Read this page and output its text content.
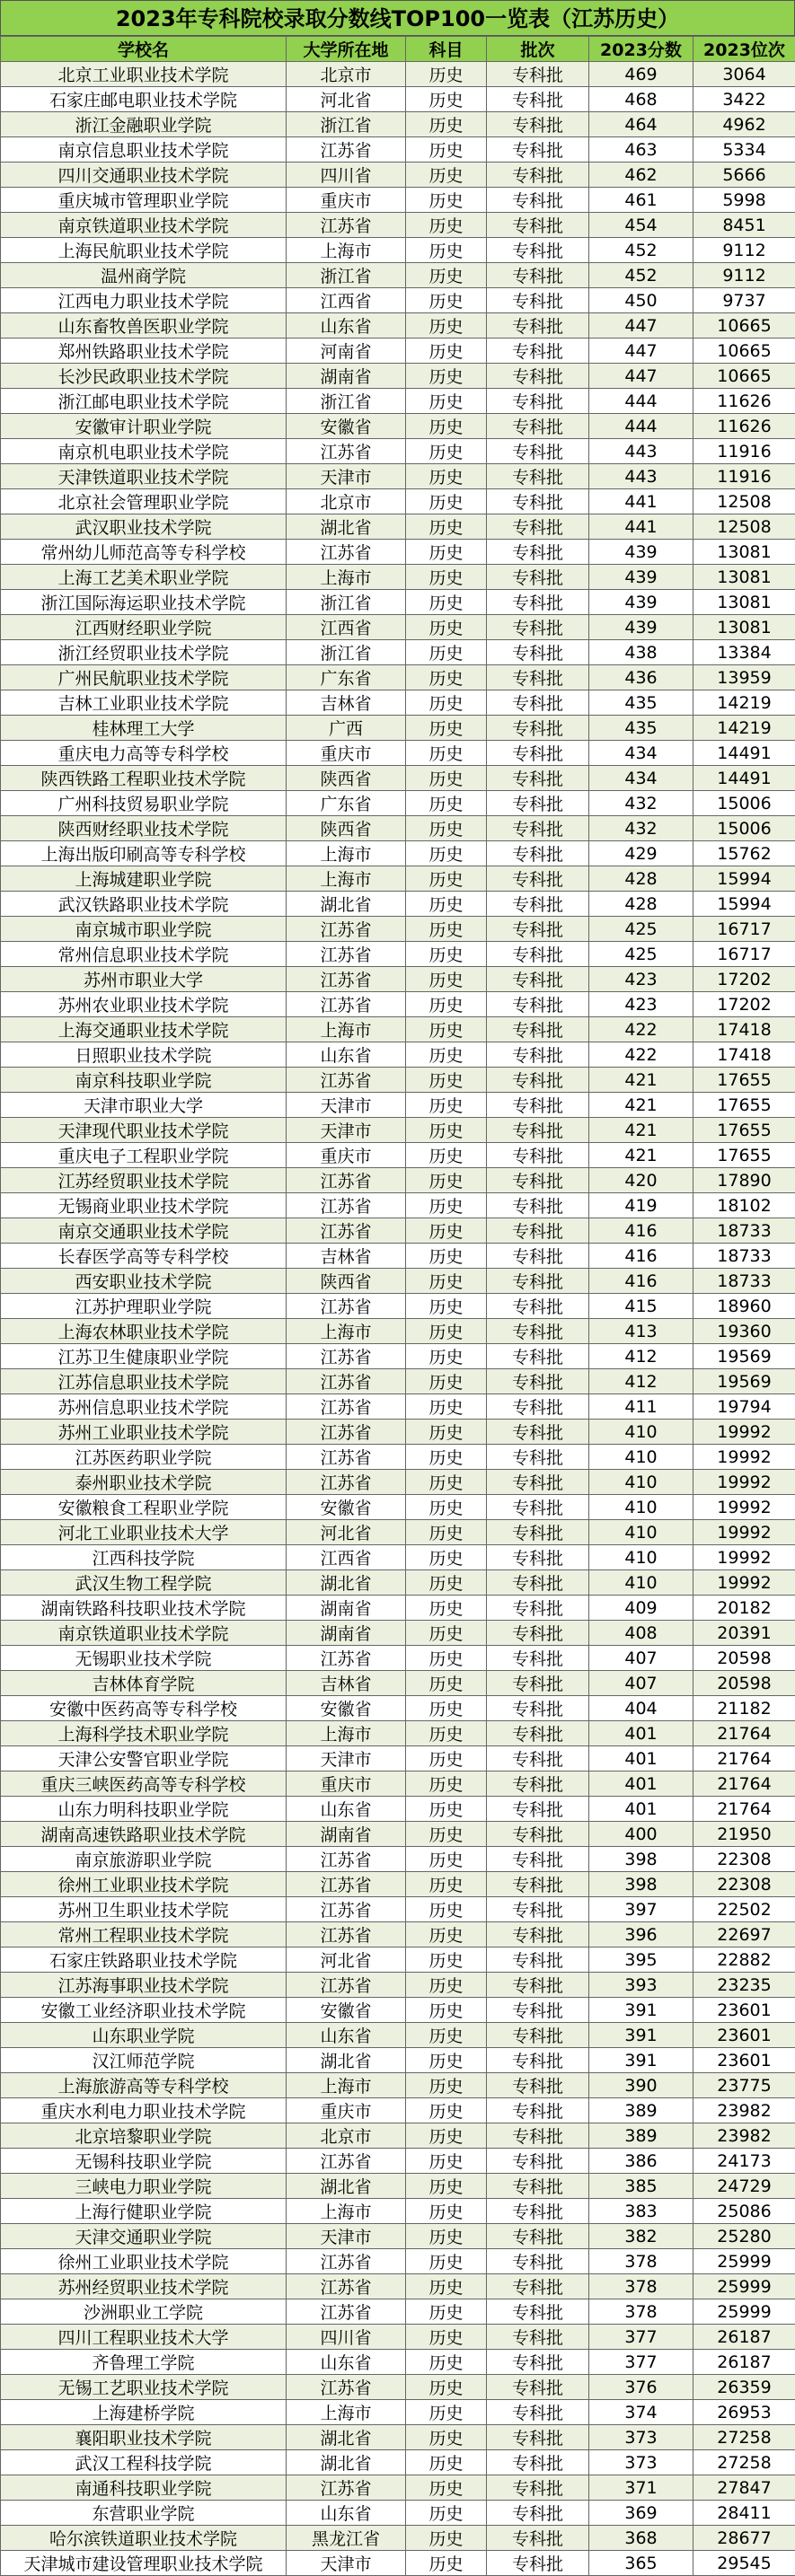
2023年专科院校录取分数线TOP100一览表（江苏历史）
学校名	大学所在地	科目	批次	2023分数	2023位次
北京工业职业技术学院	北京市	历史	专科批	469	3064
石家庄邮电职业技术学院	河北省	历史	专科批	468	3422
浙江金融职业学院	浙江省	历史	专科批	464	4962
南京信息职业技术学院	江苏省	历史	专科批	463	5334
四川交通职业技术学院	四川省	历史	专科批	462	5666
重庆城市管理职业学院	重庆市	历史	专科批	461	5998
南京铁道职业技术学院	江苏省	历史	专科批	454	8451
上海民航职业技术学院	上海市	历史	专科批	452	9112
温州商学院	浙江省	历史	专科批	452	9112
江西电力职业技术学院	江西省	历史	专科批	450	9737
山东畜牧兽医职业学院	山东省	历史	专科批	447	10665
郑州铁路职业技术学院	河南省	历史	专科批	447	10665
长沙民政职业技术学院	湖南省	历史	专科批	447	10665
浙江邮电职业技术学院	浙江省	历史	专科批	444	11626
安徽审计职业学院	安徽省	历史	专科批	444	11626
南京机电职业技术学院	江苏省	历史	专科批	443	11916
天津铁道职业技术学院	天津市	历史	专科批	443	11916
北京社会管理职业学院	北京市	历史	专科批	441	12508
武汉职业技术学院	湖北省	历史	专科批	441	12508
常州幼儿师范高等专科学校	江苏省	历史	专科批	439	13081
上海工艺美术职业学院	上海市	历史	专科批	439	13081
浙江国际海运职业技术学院	浙江省	历史	专科批	439	13081
江西财经职业学院	江西省	历史	专科批	439	13081
浙江经贸职业技术学院	浙江省	历史	专科批	438	13384
广州民航职业技术学院	广东省	历史	专科批	436	13959
吉林工业职业技术学院	吉林省	历史	专科批	435	14219
桂林理工大学	广西	历史	专科批	435	14219
重庆电力高等专科学校	重庆市	历史	专科批	434	14491
陕西铁路工程职业技术学院	陕西省	历史	专科批	434	14491
广州科技贸易职业学院	广东省	历史	专科批	432	15006
陕西财经职业技术学院	陕西省	历史	专科批	432	15006
上海出版印刷高等专科学校	上海市	历史	专科批	429	15762
上海城建职业学院	上海市	历史	专科批	428	15994
武汉铁路职业技术学院	湖北省	历史	专科批	428	15994
南京城市职业学院	江苏省	历史	专科批	425	16717
常州信息职业技术学院	江苏省	历史	专科批	425	16717
苏州市职业大学	江苏省	历史	专科批	423	17202
苏州农业职业技术学院	江苏省	历史	专科批	423	17202
上海交通职业技术学院	上海市	历史	专科批	422	17418
日照职业技术学院	山东省	历史	专科批	422	17418
南京科技职业学院	江苏省	历史	专科批	421	17655
天津市职业大学	天津市	历史	专科批	421	17655
天津现代职业技术学院	天津市	历史	专科批	421	17655
重庆电子工程职业学院	重庆市	历史	专科批	421	17655
江苏经贸职业技术学院	江苏省	历史	专科批	420	17890
无锡商业职业技术学院	江苏省	历史	专科批	419	18102
南京交通职业技术学院	江苏省	历史	专科批	416	18733
长春医学高等专科学校	吉林省	历史	专科批	416	18733
西安职业技术学院	陕西省	历史	专科批	416	18733
江苏护理职业学院	江苏省	历史	专科批	415	18960
上海农林职业技术学院	上海市	历史	专科批	413	19360
江苏卫生健康职业学院	江苏省	历史	专科批	412	19569
江苏信息职业技术学院	江苏省	历史	专科批	412	19569
苏州信息职业技术学院	江苏省	历史	专科批	411	19794
苏州工业职业技术学院	江苏省	历史	专科批	410	19992
江苏医药职业学院	江苏省	历史	专科批	410	19992
泰州职业技术学院	江苏省	历史	专科批	410	19992
安徽粮食工程职业学院	安徽省	历史	专科批	410	19992
河北工业职业技术大学	河北省	历史	专科批	410	19992
江西科技学院	江西省	历史	专科批	410	19992
武汉生物工程学院	湖北省	历史	专科批	410	19992
湖南铁路科技职业技术学院	湖南省	历史	专科批	409	20182
南京铁道职业技术学院	湖南省	历史	专科批	408	20391
无锡职业技术学院	江苏省	历史	专科批	407	20598
吉林体育学院	吉林省	历史	专科批	407	20598
安徽中医药高等专科学校	安徽省	历史	专科批	404	21182
上海科学技术职业学院	上海市	历史	专科批	401	21764
天津公安警官职业学院	天津市	历史	专科批	401	21764
重庆三峡医药高等专科学校	重庆市	历史	专科批	401	21764
山东力明科技职业学院	山东省	历史	专科批	401	21764
湖南高速铁路职业技术学院	湖南省	历史	专科批	400	21950
南京旅游职业学院	江苏省	历史	专科批	398	22308
徐州工业职业技术学院	江苏省	历史	专科批	398	22308
苏州卫生职业技术学院	江苏省	历史	专科批	397	22502
常州工程职业技术学院	江苏省	历史	专科批	396	22697
石家庄铁路职业技术学院	河北省	历史	专科批	395	22882
江苏海事职业技术学院	江苏省	历史	专科批	393	23235
安徽工业经济职业技术学院	安徽省	历史	专科批	391	23601
山东职业学院	山东省	历史	专科批	391	23601
汉江师范学院	湖北省	历史	专科批	391	23601
上海旅游高等专科学校	上海市	历史	专科批	390	23775
重庆水利电力职业技术学院	重庆市	历史	专科批	389	23982
北京培黎职业学院	北京市	历史	专科批	389	23982
无锡科技职业学院	江苏省	历史	专科批	386	24173
三峡电力职业学院	湖北省	历史	专科批	385	24729
上海行健职业学院	上海市	历史	专科批	383	25086
天津交通职业学院	天津市	历史	专科批	382	25280
徐州工业职业技术学院	江苏省	历史	专科批	378	25999
苏州经贸职业技术学院	江苏省	历史	专科批	378	25999
沙洲职业工学院	江苏省	历史	专科批	378	25999
四川工程职业技术大学	四川省	历史	专科批	377	26187
齐鲁理工学院	山东省	历史	专科批	377	26187
无锡工艺职业技术学院	江苏省	历史	专科批	376	26359
上海建桥学院	上海市	历史	专科批	374	26953
襄阳职业技术学院	湖北省	历史	专科批	373	27258
武汉工程科技学院	湖北省	历史	专科批	373	27258
南通科技职业学院	江苏省	历史	专科批	371	27847
东营职业学院	山东省	历史	专科批	369	28411
哈尔滨铁道职业技术学院	黑龙江省	历史	专科批	368	28677
天津城市建设管理职业技术学院	天津市	历史	专科批	365	29545
